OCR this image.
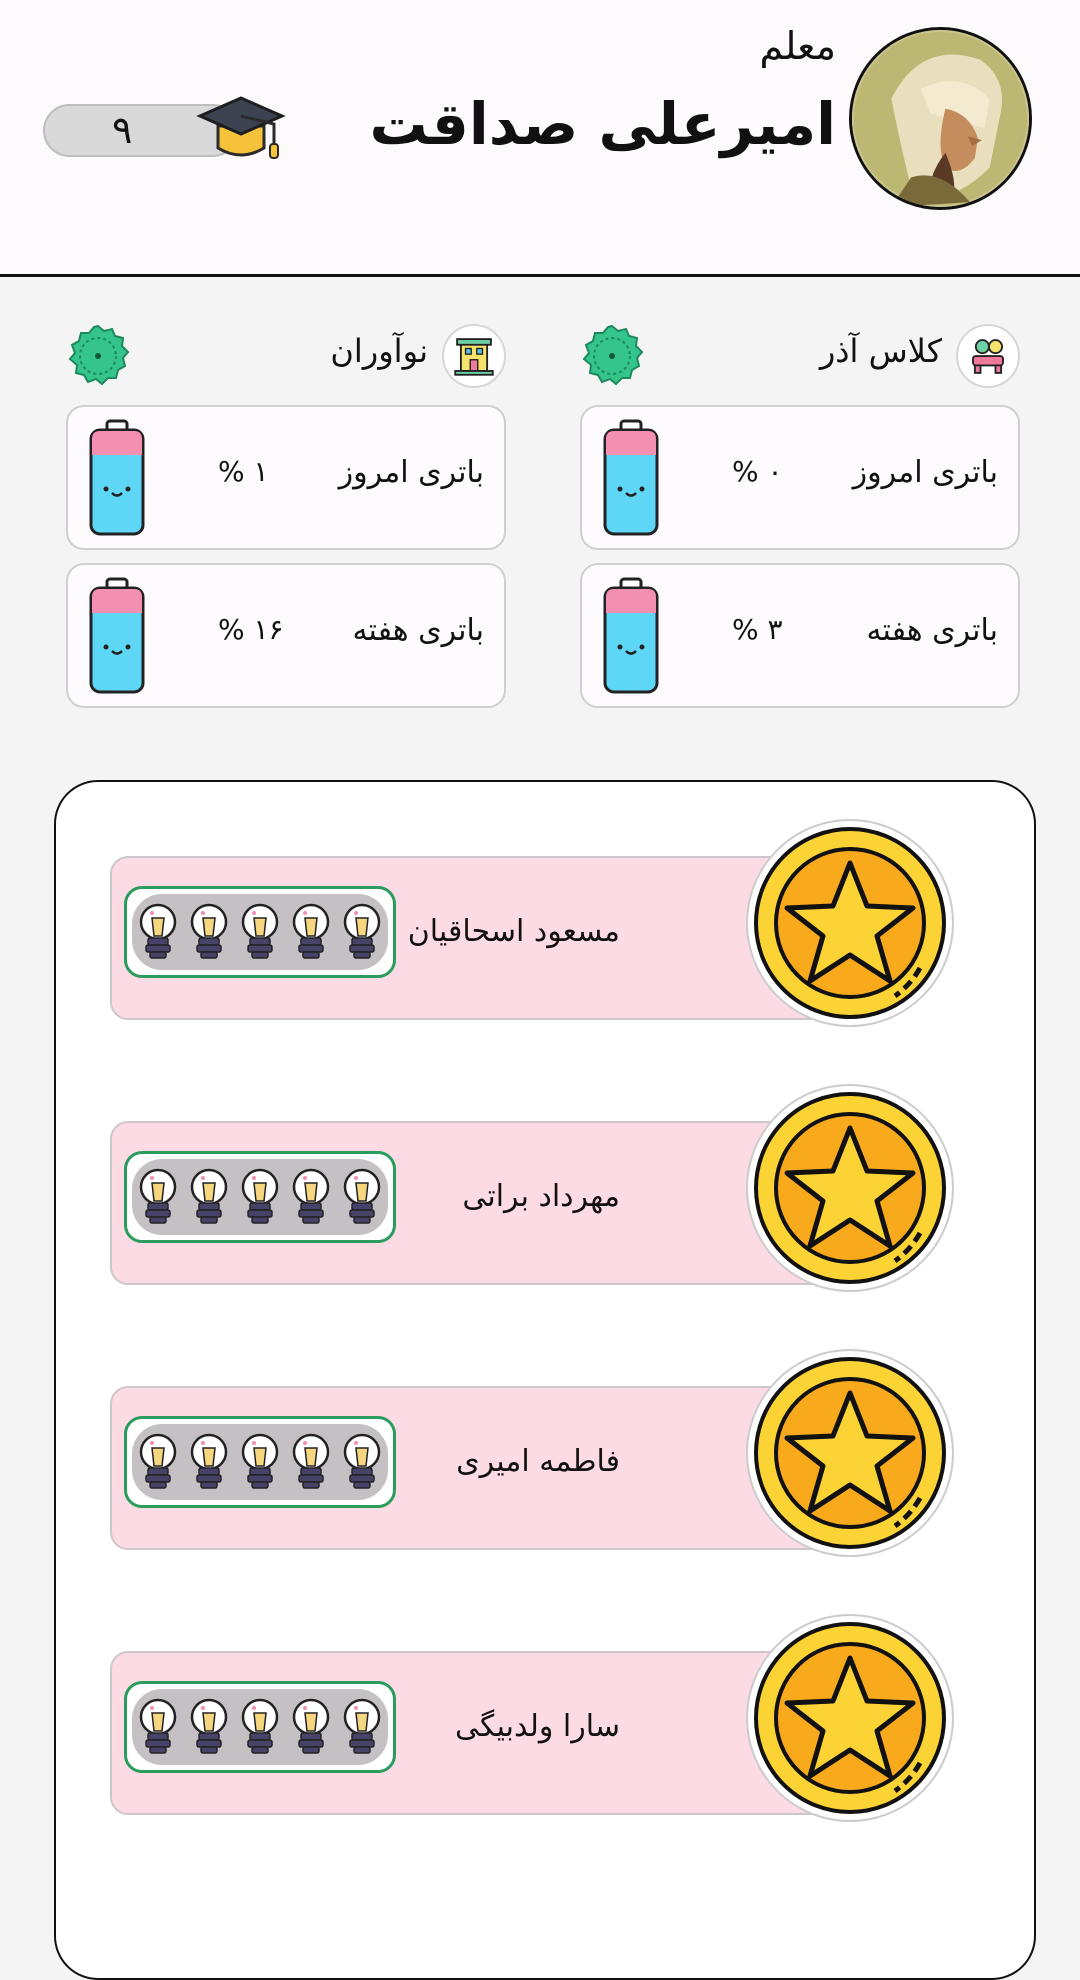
معلم
امیرعلی صداقت
۹
کلاس آذر
باتری امروز
۰ %
باتری هفته
۳ %
نوآوران
باتری امروز
۱ %
باتری هفته
۱۶ %
مسعود اسحاقیان
مهرداد براتی
فاطمه امیری
سارا ولدبیگی
